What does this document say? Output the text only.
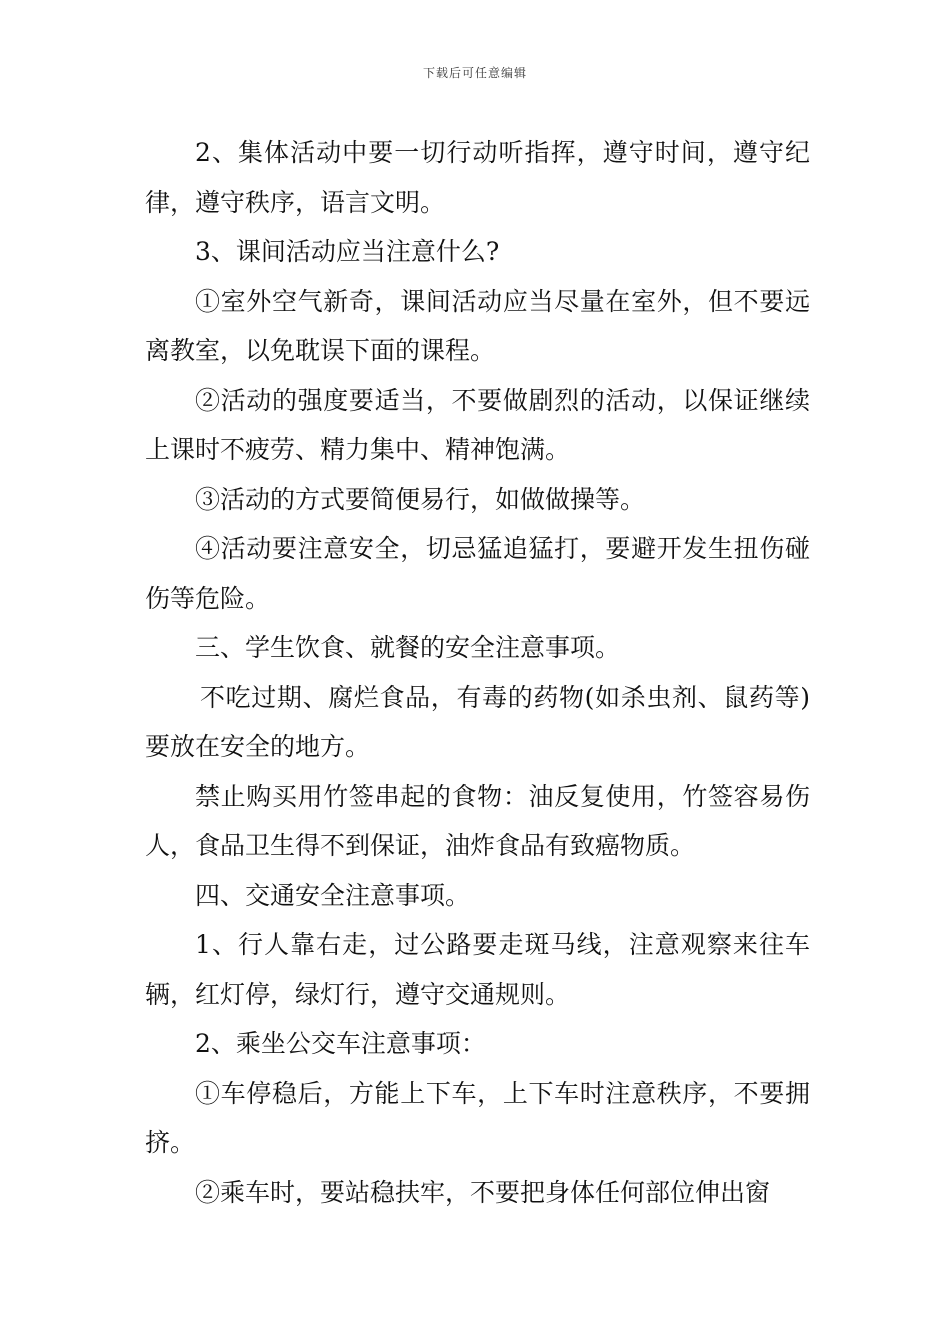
下载后可任意编辑

2、集体活动中要一切行动听指挥，遵守时间，遵守纪律，遵守秩序，语言文明。

3、课间活动应当注意什么?

①室外空气新奇，课间活动应当尽量在室外，但不要远离教室，以免耽误下面的课程。

②活动的强度要适当，不要做剧烈的活动，以保证继续上课时不疲劳、精力集中、精神饱满。

③活动的方式要简便易行，如做做操等。

④活动要注意安全，切忌猛追猛打，要避开发生扭伤碰伤等危险。

三、学生饮食、就餐的安全注意事项。

不吃过期、腐烂食品，有毒的药物(如杀虫剂、鼠药等)要放在安全的地方。

禁止购买用竹签串起的食物：油反复使用，竹签容易伤人，食品卫生得不到保证，油炸食品有致癌物质。

四、交通安全注意事项。

1、行人靠右走，过公路要走斑马线，注意观察来往车辆，红灯停，绿灯行，遵守交通规则。

2、乘坐公交车注意事项：

①车停稳后，方能上下车，上下车时注意秩序，不要拥挤。

②乘车时，要站稳扶牢，不要把身体任何部位伸出窗
